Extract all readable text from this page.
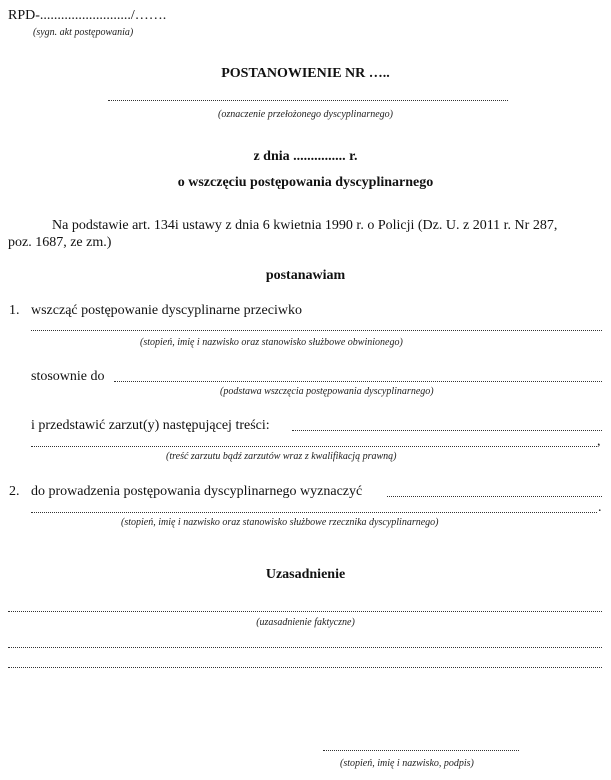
RPD-........................../…….
(sygn. akt postępowania)
POSTANOWIENIE NR …..
(oznaczenie przełożonego dyscyplinarnego)
z dnia ............... r.
o wszczęciu postępowania dyscyplinarnego
Na podstawie art. 134i ustawy z dnia 6 kwietnia 1990 r. o Policji (Dz. U. z 2011 r. Nr 287,
poz. 1687, ze zm.)
postanawiam
1. wszcząć postępowanie dyscyplinarne przeciwko
(stopień, imię i nazwisko oraz stanowisko służbowe obwinionego)
stosownie do
(podstawa wszczęcia postępowania dyscyplinarnego)
i przedstawić zarzut(y) następującej treści:
,
(treść zarzutu bądź zarzutów wraz z kwalifikacją prawną)
2. do prowadzenia postępowania dyscyplinarnego wyznaczyć
.
(stopień, imię i nazwisko oraz stanowisko służbowe rzecznika dyscyplinarnego)
Uzasadnienie
(uzasadnienie faktyczne)
(stopień, imię i nazwisko, podpis)
